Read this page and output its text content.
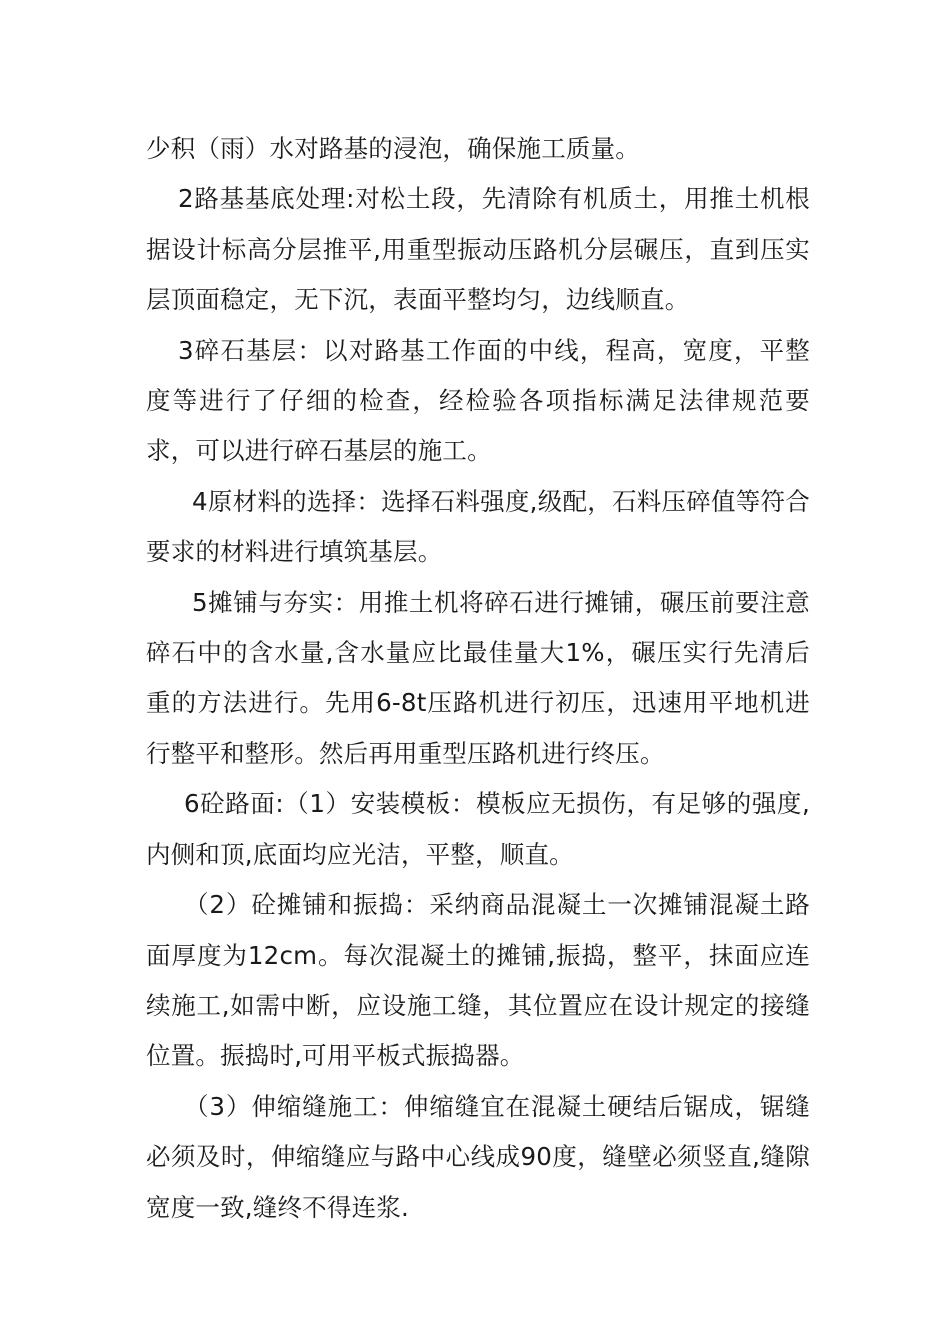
少积（雨）水对路基的浸泡，确保施工质量。

2路基基底处理:对松土段，先清除有机质土，用推土机根据设计标高分层推平,用重型振动压路机分层碾压，直到压实层顶面稳定，无下沉，表面平整均匀，边线顺直。

3碎石基层：以对路基工作面的中线，程高，宽度，平整度等进行了仔细的检查，经检验各项指标满足法律规范要求，可以进行碎石基层的施工。

4原材料的选择：选择石料强度,级配，石料压碎值等符合要求的材料进行填筑基层。

5摊铺与夯实：用推土机将碎石进行摊铺，碾压前要注意碎石中的含水量,含水量应比最佳量大1%，碾压实行先清后重的方法进行。先用6-8t压路机进行初压，迅速用平地机进行整平和整形。然后再用重型压路机进行终压。

6砼路面:（1）安装模板：模板应无损伤，有足够的强度,内侧和顶,底面均应光洁，平整，顺直。

（2）砼摊铺和振捣：采纳商品混凝土一次摊铺混凝土路面厚度为12cm。每次混凝土的摊铺,振捣，整平，抹面应连续施工,如需中断，应设施工缝，其位置应在设计规定的接缝位置。振捣时,可用平板式振捣器。

（3）伸缩缝施工：伸缩缝宜在混凝土硬结后锯成，锯缝必须及时，伸缩缝应与路中心线成90度，缝壁必须竖直,缝隙宽度一致,缝终不得连浆.
